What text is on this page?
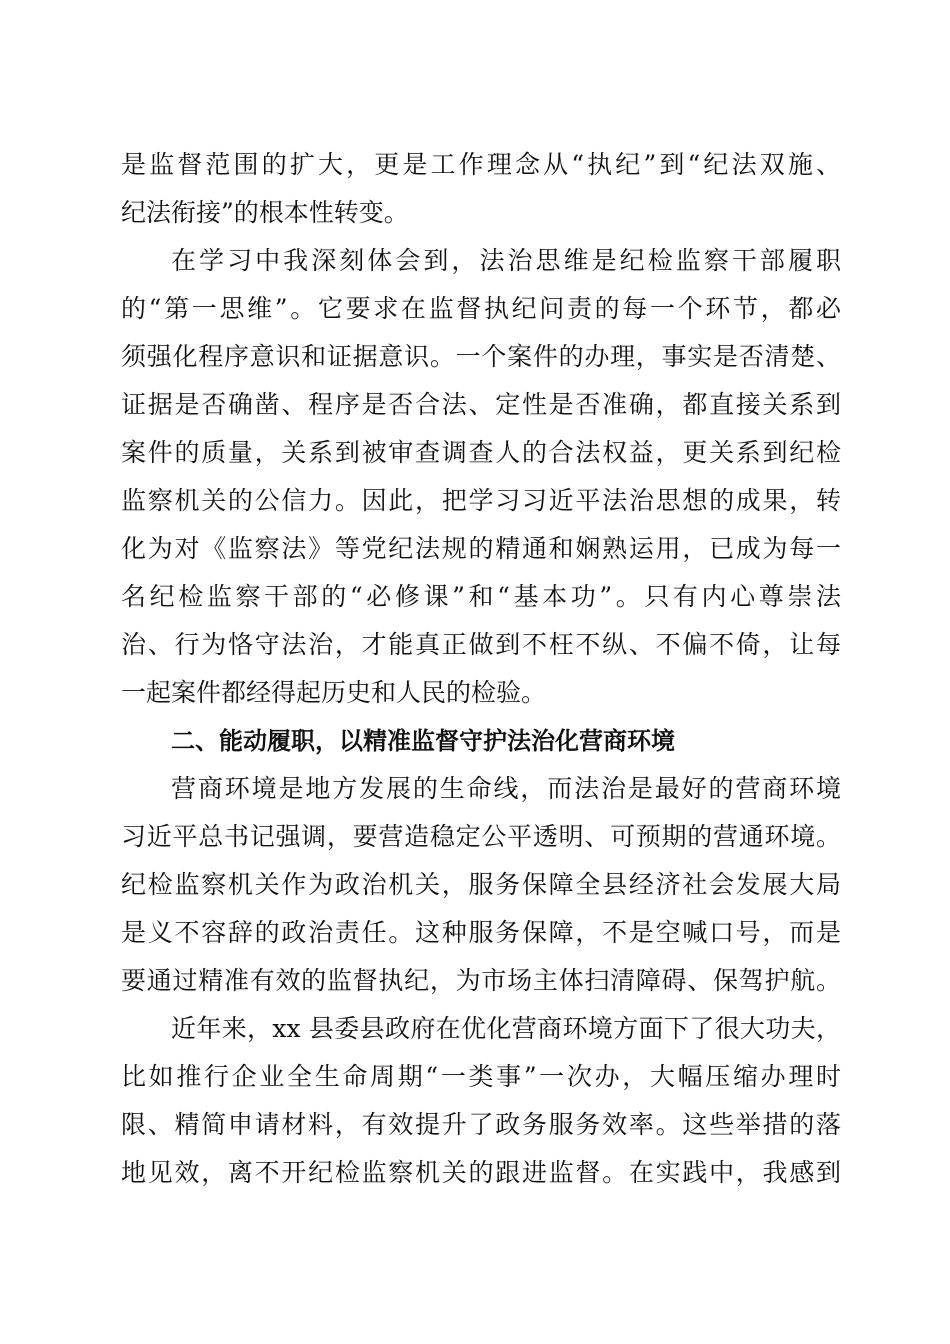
是监督范围的扩大，更是工作理念从“执纪”到“纪法双施、
纪法衔接”的根本性转变。
在学习中我深刻体会到，法治思维是纪检监察干部履职
的“第一思维”。它要求在监督执纪问责的每一个环节，都必
须强化程序意识和证据意识。一个案件的办理，事实是否清楚、
证据是否确凿、程序是否合法、定性是否准确，都直接关系到
案件的质量，关系到被审查调查人的合法权益，更关系到纪检
监察机关的公信力。因此，把学习习近平法治思想的成果，转
化为对《监察法》等党纪法规的精通和娴熟运用，已成为每一
名纪检监察干部的“必修课”和“基本功”。只有内心尊崇法
治、行为恪守法治，才能真正做到不枉不纵、不偏不倚，让每
一起案件都经得起历史和人民的检验。
二、能动履职，以精准监督守护法治化营商环境
营商环境是地方发展的生命线，而法治是最好的营商环境
习近平总书记强调，要营造稳定公平透明、可预期的营通环境。
纪检监察机关作为政治机关，服务保障全县经济社会发展大局
是义不容辞的政治责任。这种服务保障，不是空喊口号，而是
要通过精准有效的监督执纪，为市场主体扫清障碍、保驾护航。
近年来，xx 县委县政府在优化营商环境方面下了很大功夫，
比如推行企业全生命周期“一类事”一次办，大幅压缩办理时
限、精简申请材料，有效提升了政务服务效率。这些举措的落
地见效，离不开纪检监察机关的跟进监督。在实践中，我感到
